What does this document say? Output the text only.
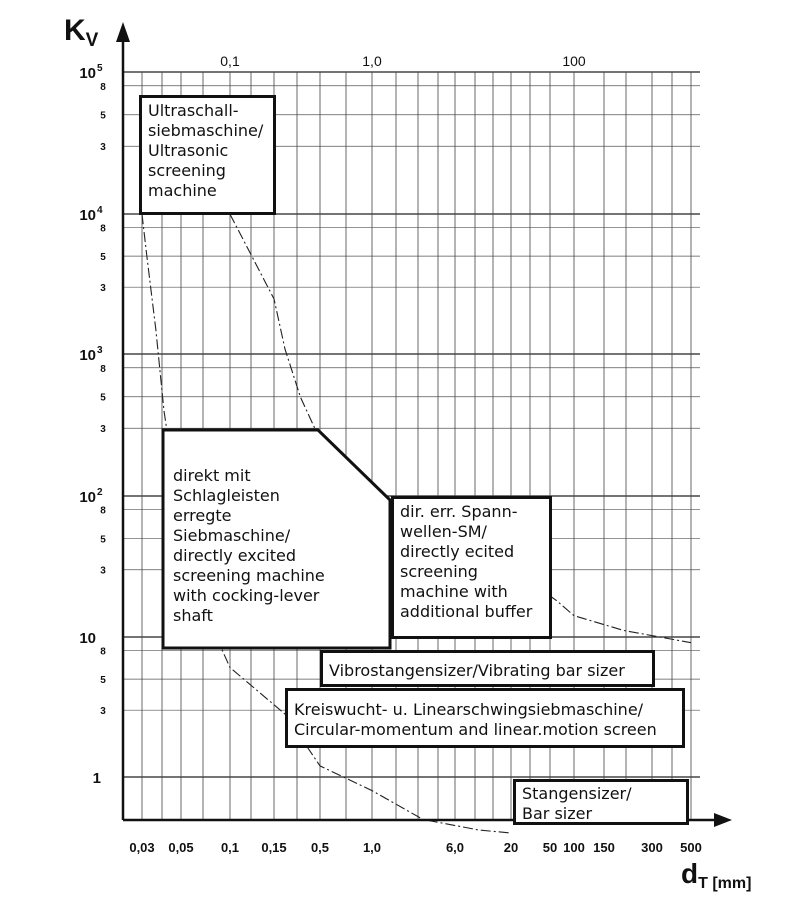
0,03 0,05 0,1 0,15 0,5	1,0	6,0	20 50 100 150 300 500
0,1	1,0	100
10 5
10 4
10 3
10 2
10
1
8
5
3
8
5
3
8
5
3
8
5
3
8
5
3
$K_V$
dT [mm]
Ultraschall-
siebmaschine/
Ultrasonic
screening
machine
direkt mit
Schlagleisten
erregte
Siebmaschine/
directly excited
screening machine
with cocking-lever
shaft
dir. err. Spann-
wellen-SM/
directly ecited
screening
machine with
additional buffer
Vibrostangensizer/Vibrating bar sizer
Kreiswucht- u. Linearschwingsiebmaschine/
Circular-momentum and linear.motion screen
Stangensizer/
Bar sizer
